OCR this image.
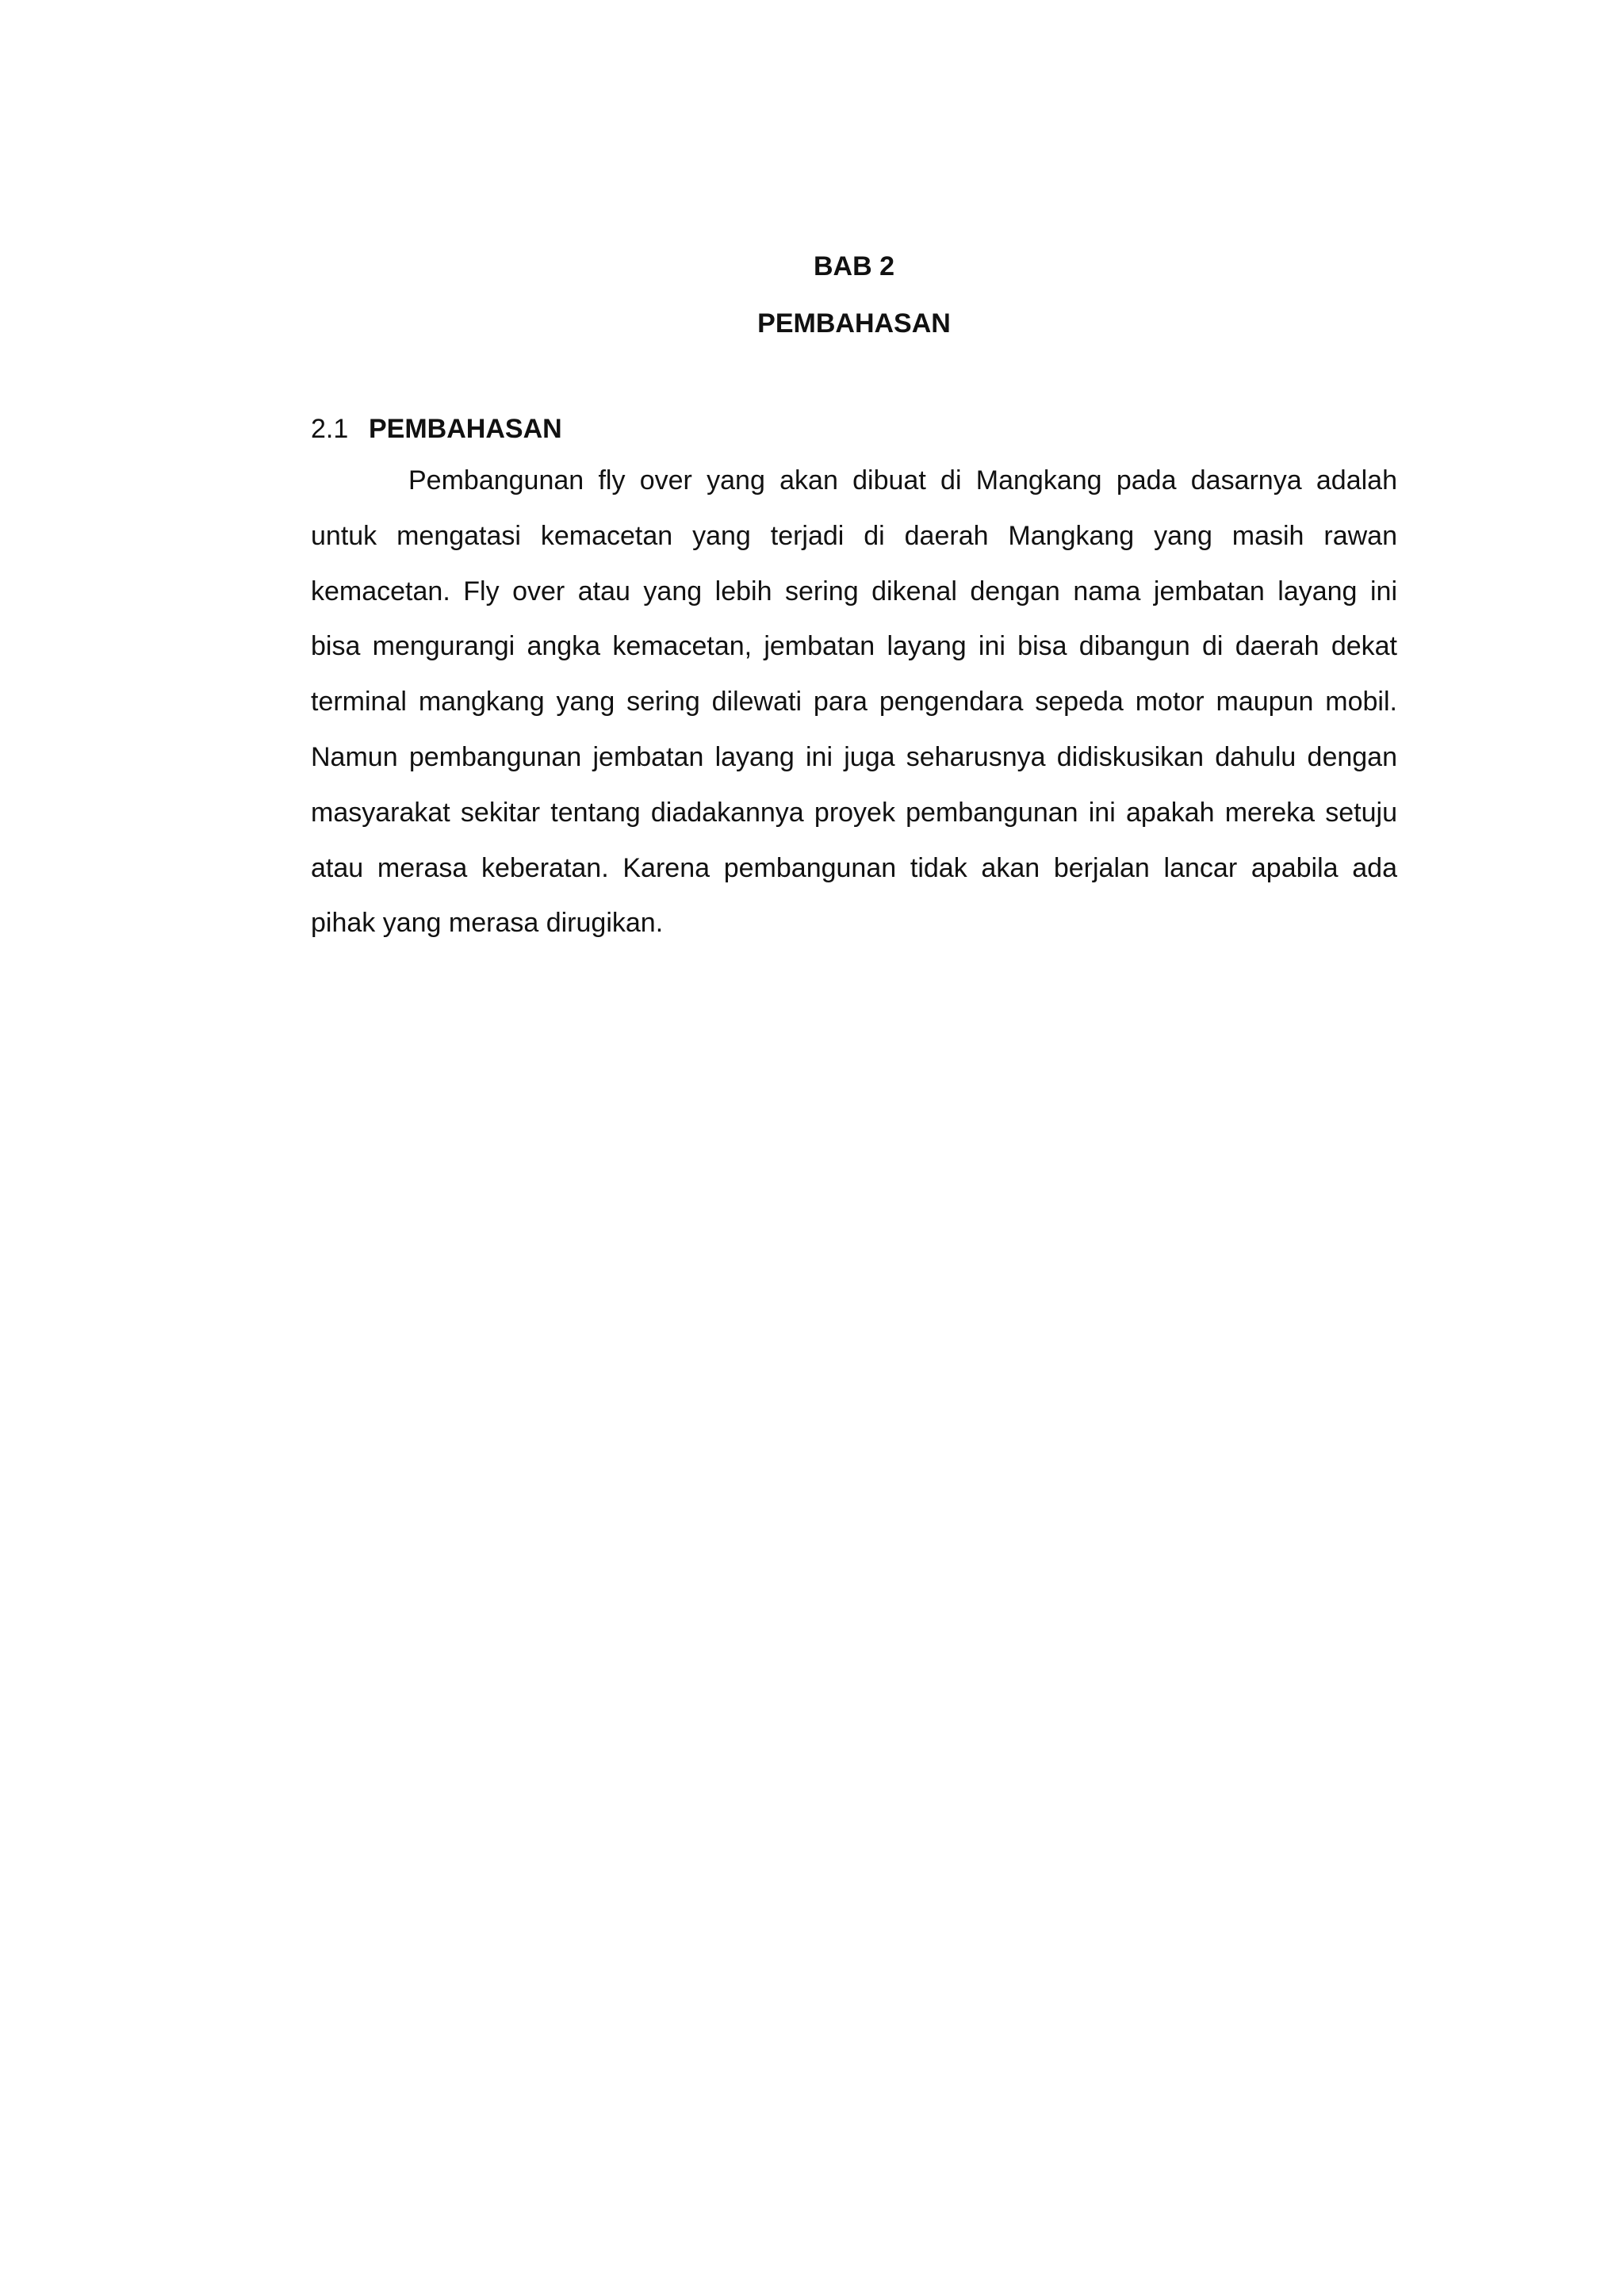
BAB 2

PEMBAHASAN

2.1 PEMBAHASAN

Pembangunan fly over yang akan dibuat di Mangkang pada dasarnya adalah
untuk mengatasi kemacetan yang terjadi di daerah Mangkang yang masih rawan
kemacetan. Fly over atau yang lebih sering dikenal dengan nama jembatan layang ini
bisa mengurangi angka kemacetan, jembatan layang ini bisa dibangun di daerah dekat
terminal mangkang yang sering dilewati para pengendara sepeda motor maupun mobil.
Namun pembangunan jembatan layang ini juga seharusnya didiskusikan dahulu dengan
masyarakat sekitar tentang diadakannya proyek pembangunan ini apakah mereka setuju
atau merasa keberatan. Karena pembangunan tidak akan berjalan lancar apabila ada
pihak yang merasa dirugikan.
